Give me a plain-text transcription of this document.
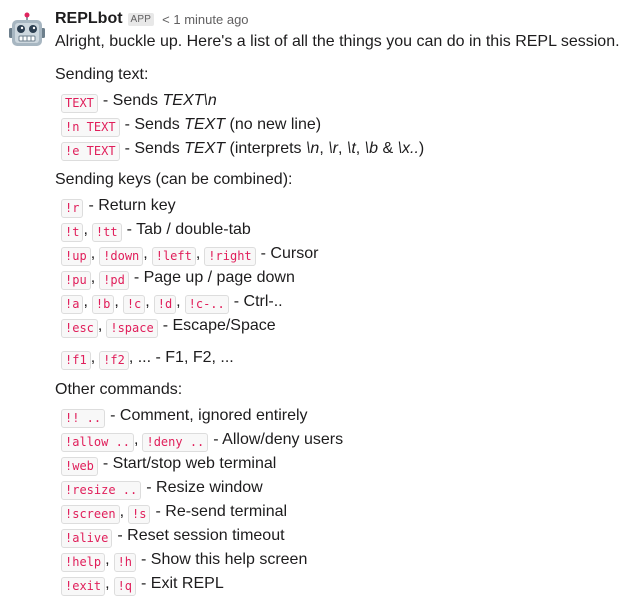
REPLbot APP < 1 minute ago
Alright, buckle up. Here's a list of all the things you can do in this REPL session.
Sending text:
TEXT - Sends TEXT\n
!n TEXT - Sends TEXT (no new line)
!e TEXT - Sends TEXT (interprets \n, \r, \t, \b & \x..)
Sending keys (can be combined):
!r - Return key
!t , !tt - Tab / double-tab
!up , !down , !left , !right - Cursor
!pu , !pd - Page up / page down
!a , !b , !c , !d , !c-.. - Ctrl-..
!esc , !space - Escape/Space
!f1 , !f2 , ... - F1, F2, ...
Other commands:
!! .. - Comment, ignored entirely
!allow .. , !deny .. - Allow/deny users
!web - Start/stop web terminal
!resize .. - Resize window
!screen , !s - Re-send terminal
!alive - Reset session timeout
!help , !h - Show this help screen
!exit , !q - Exit REPL
